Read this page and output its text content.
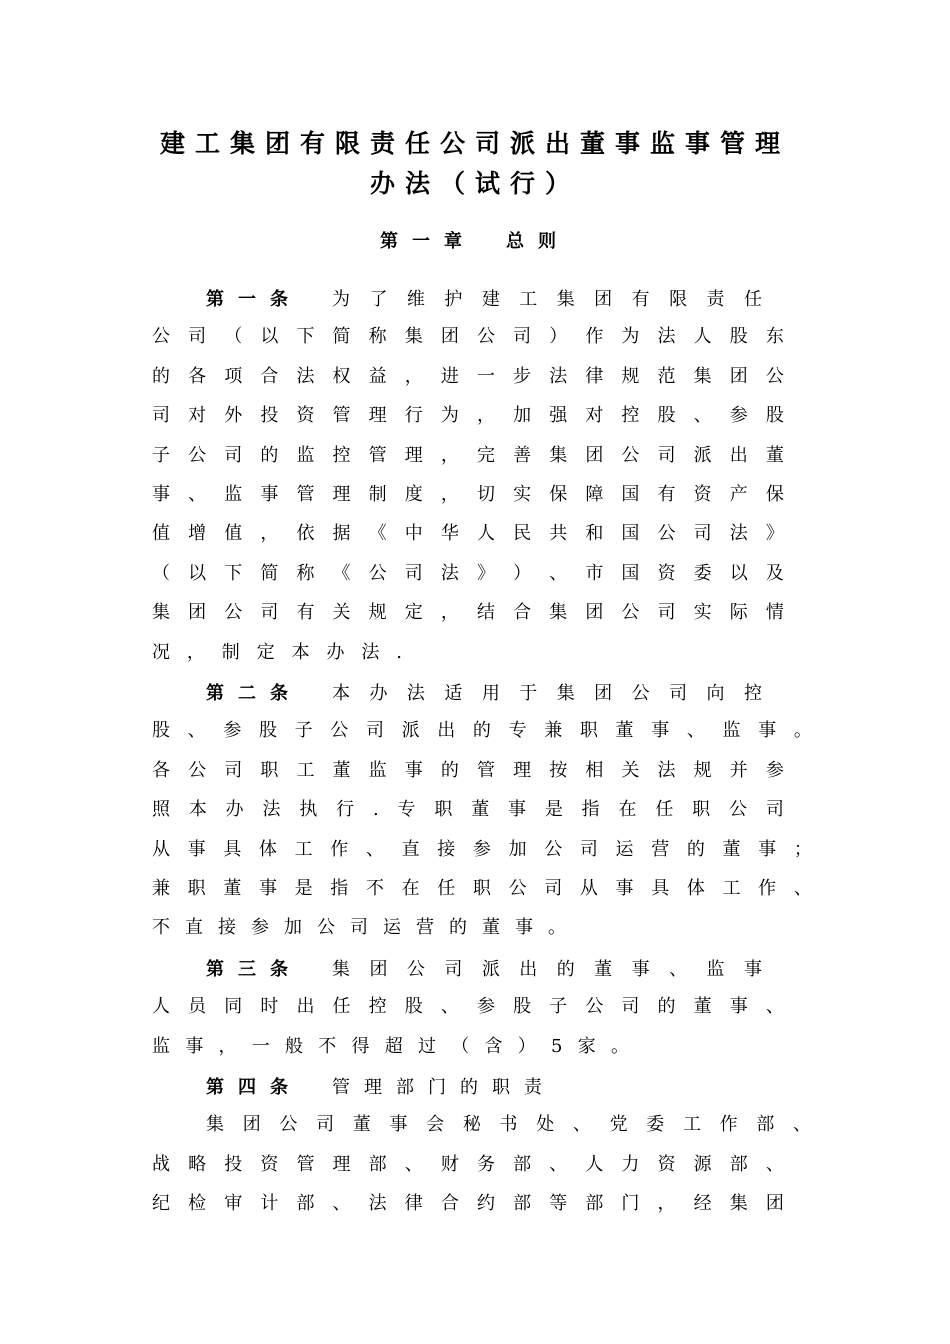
建工集团有限责任公司派出董事监事管理
办法（试行）
第一章 总则
第一条 为 了 维 护 建 工 集 团 有 限 责 任
公 司 （ 以 下 简 称 集 团 公 司 ） 作 为 法 人 股 东
的 各 项 合 法 权 益 ， 进 一 步 法 律 规 范 集 团 公
司 对 外 投 资 管 理 行 为 ， 加 强 对 控 股 、 参 股
子 公 司 的 监 控 管 理 ， 完 善 集 团 公 司 派 出 董
事 、 监 事 管 理 制 度 ， 切 实 保 障 国 有 资 产 保
值 增 值 ， 依 据 《 中 华 人 民 共 和 国 公 司 法 》
（ 以 下 简 称 《 公 司 法 》 ） 、 市 国 资 委 以 及
集 团 公 司 有 关 规 定 ， 结 合 集 团 公 司 实 际 情
况 ， 制 定 本 办 法 .
第二条 本 办 法 适 用 于 集 团 公 司 向 控
股 、 参 股 子 公 司 派 出 的 专 兼 职 董 事 、 监 事 。
各 公 司 职 工 董 监 事 的 管 理 按 相 关 法 规 并 参
照 本 办 法 执 行 . 专 职 董 事 是 指 在 任 职 公 司
从 事 具 体 工 作 、 直 接 参 加 公 司 运 营 的 董 事 ；
兼 职 董 事 是 指 不 在 任 职 公 司 从 事 具 体 工 作 、
不 直 接 参 加 公 司 运 营 的 董 事 。
第三条 集 团 公 司 派 出 的 董 事 、 监 事
人 员 同 时 出 任 控 股 、 参 股 子 公 司 的 董 事 、
监 事 ， 一 般 不 得 超 过 （ 含 ） 5 家 。
第四条 管 理 部 门 的 职 责
集 团 公 司 董 事 会 秘 书 处 、 党 委 工 作 部 、
战 略 投 资 管 理 部 、 财 务 部 、 人 力 资 源 部 、
纪 检 审 计 部 、 法 律 合 约 部 等 部 门 ， 经 集 团
